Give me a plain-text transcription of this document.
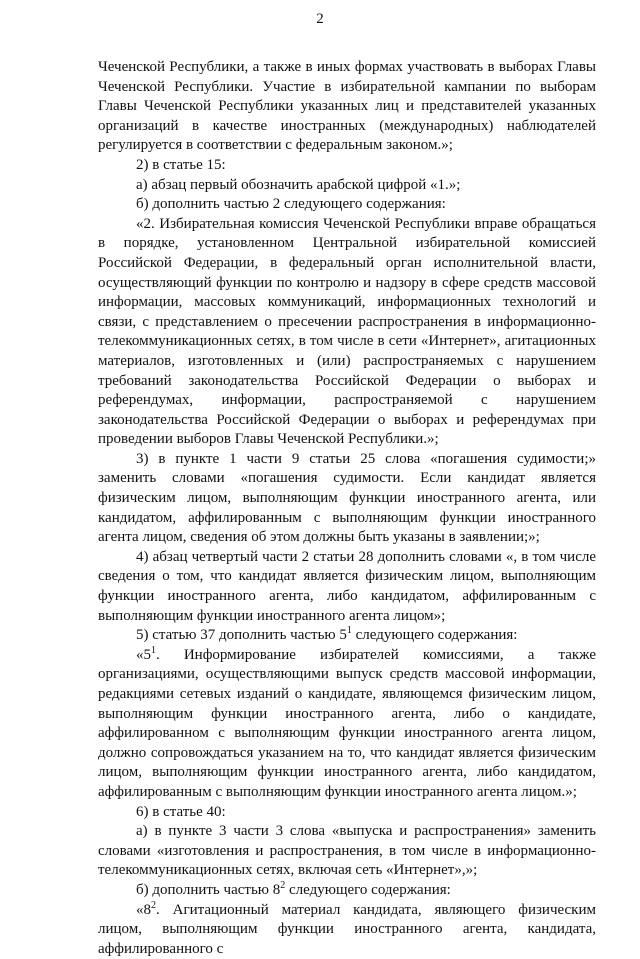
2

Чеченской Республики, а также в иных формах участвовать в выборах Главы Чеченской Республики. Участие в избирательной кампании по выборам Главы Чеченской Республики указанных лиц и представителей указанных организаций в качестве иностранных (международных) наблюдателей регулируется в соответствии с федеральным законом.»;

2) в статье 15:

а) абзац первый обозначить арабской цифрой «1.»;

б) дополнить частью 2 следующего содержания:

«2. Избирательная комиссия Чеченской Республики вправе обращаться в порядке, установленном Центральной избирательной комиссией Российской Федерации, в федеральный орган исполнительной власти, осуществляющий функции по контролю и надзору в сфере средств массовой информации, массовых коммуникаций, информационных технологий и связи, с представлением о пресечении распространения в информационно-телекоммуникационных сетях, в том числе в сети «Интернет», агитационных материалов, изготовленных и (или) распространяемых с нарушением требований законодательства Российской Федерации о выборах и референдумах, информации, распространяемой с нарушением законодательства Российской Федерации о выборах и референдумах при проведении выборов Главы Чеченской Республики.»;

3) в пункте 1 части 9 статьи 25 слова «погашения судимости;» заменить словами «погашения судимости. Если кандидат является физическим лицом, выполняющим функции иностранного агента, или кандидатом, аффилированным с выполняющим функции иностранного агента лицом, сведения об этом должны быть указаны в заявлении;»;

4) абзац четвертый части 2 статьи 28 дополнить словами «, в том числе сведения о том, что кандидат является физическим лицом, выполняющим функции иностранного агента, либо кандидатом, аффилированным с выполняющим функции иностранного агента лицом»;

5) статью 37 дополнить частью $5^1$ следующего содержания:

«$5^1$. Информирование избирателей комиссиями, а также организациями, осуществляющими выпуск средств массовой информации, редакциями сетевых изданий о кандидате, являющемся физическим лицом, выполняющим функции иностранного агента, либо о кандидате, аффилированном с выполняющим функции иностранного агента лицом, должно сопровождаться указанием на то, что кандидат является физическим лицом, выполняющим функции иностранного агента, либо кандидатом, аффилированным с выполняющим функции иностранного агента лицом.»;

6) в статье 40:

а) в пункте 3 части 3 слова «выпуска и распространения» заменить словами «изготовления и распространения, в том числе в информационно-телекоммуникационных сетях, включая сеть «Интернет»,»;

б) дополнить частью $8^2$ следующего содержания:

«$8^2$. Агитационный материал кандидата, являющего физическим лицом, выполняющим функции иностранного агента, кандидата, аффилированного с
